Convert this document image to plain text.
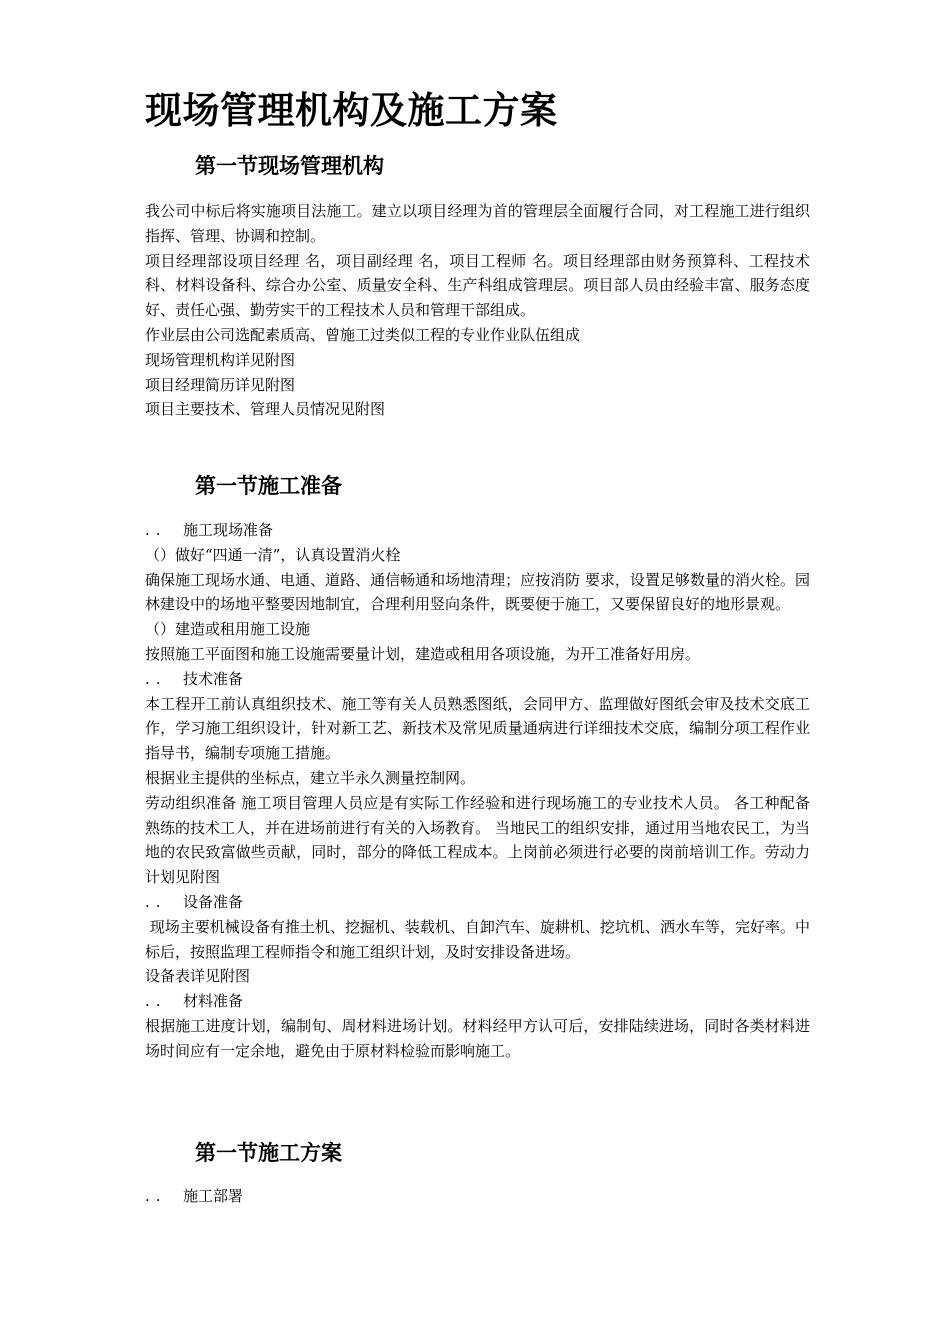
现场管理机构及施工方案
第一节现场管理机构

我公司中标后将实施项目法施工。建立以项目经理为首的管理层全面履行合同，对工程施工进行组织指挥、管理、协调和控制。

项目经理部设项目经理 名，项目副经理 名，项目工程师 名。项目经理部由财务预算科、工程技术科、材料设备科、综合办公室、质量安全科、生产科组成管理层。项目部人员由经验丰富、服务态度好、责任心强、勤劳实干的工程技术人员和管理干部组成。

作业层由公司选配素质高、曾施工过类似工程的专业作业队伍组成

现场管理机构详见附图

项目经理简历详见附图

项目主要技术、管理人员情况见附图

第一节施工准备

.. 施工现场准备

（）做好“四通一清”，认真设置消火栓

确保施工现场水通、电通、道路、通信畅通和场地清理；应按消防 要求，设置足够数量的消火栓。园林建设中的场地平整要因地制宜，合理利用竖向条件，既要便于施工，又要保留良好的地形景观。

（）建造或租用施工设施

按照施工平面图和施工设施需要量计划，建造或租用各项设施，为开工准备好用房。

.. 技术准备

本工程开工前认真组织技术、施工等有关人员熟悉图纸，会同甲方、监理做好图纸会审及技术交底工作，学习施工组织设计，针对新工艺、新技术及常见质量通病进行详细技术交底，编制分项工程作业指导书，编制专项施工措施。

根据业主提供的坐标点，建立半永久测量控制网。

劳动组织准备 施工项目管理人员应是有实际工作经验和进行现场施工的专业技术人员。 各工种配备熟练的技术工人，并在进场前进行有关的入场教育。 当地民工的组织安排，通过用当地农民工，为当地的农民致富做些贡献，同时，部分的降低工程成本。上岗前必须进行必要的岗前培训工作。劳动力计划见附图

.. 设备准备

现场主要机械设备有推土机、挖掘机、装载机、自卸汽车、旋耕机、挖坑机、洒水车等，完好率。中标后，按照监理工程师指令和施工组织计划，及时安排设备进场。

设备表详见附图

.. 材料准备

根据施工进度计划，编制旬、周材料进场计划。材料经甲方认可后，安排陆续进场，同时各类材料进场时间应有一定余地，避免由于原材料检验而影响施工。

第一节施工方案

.. 施工部署
